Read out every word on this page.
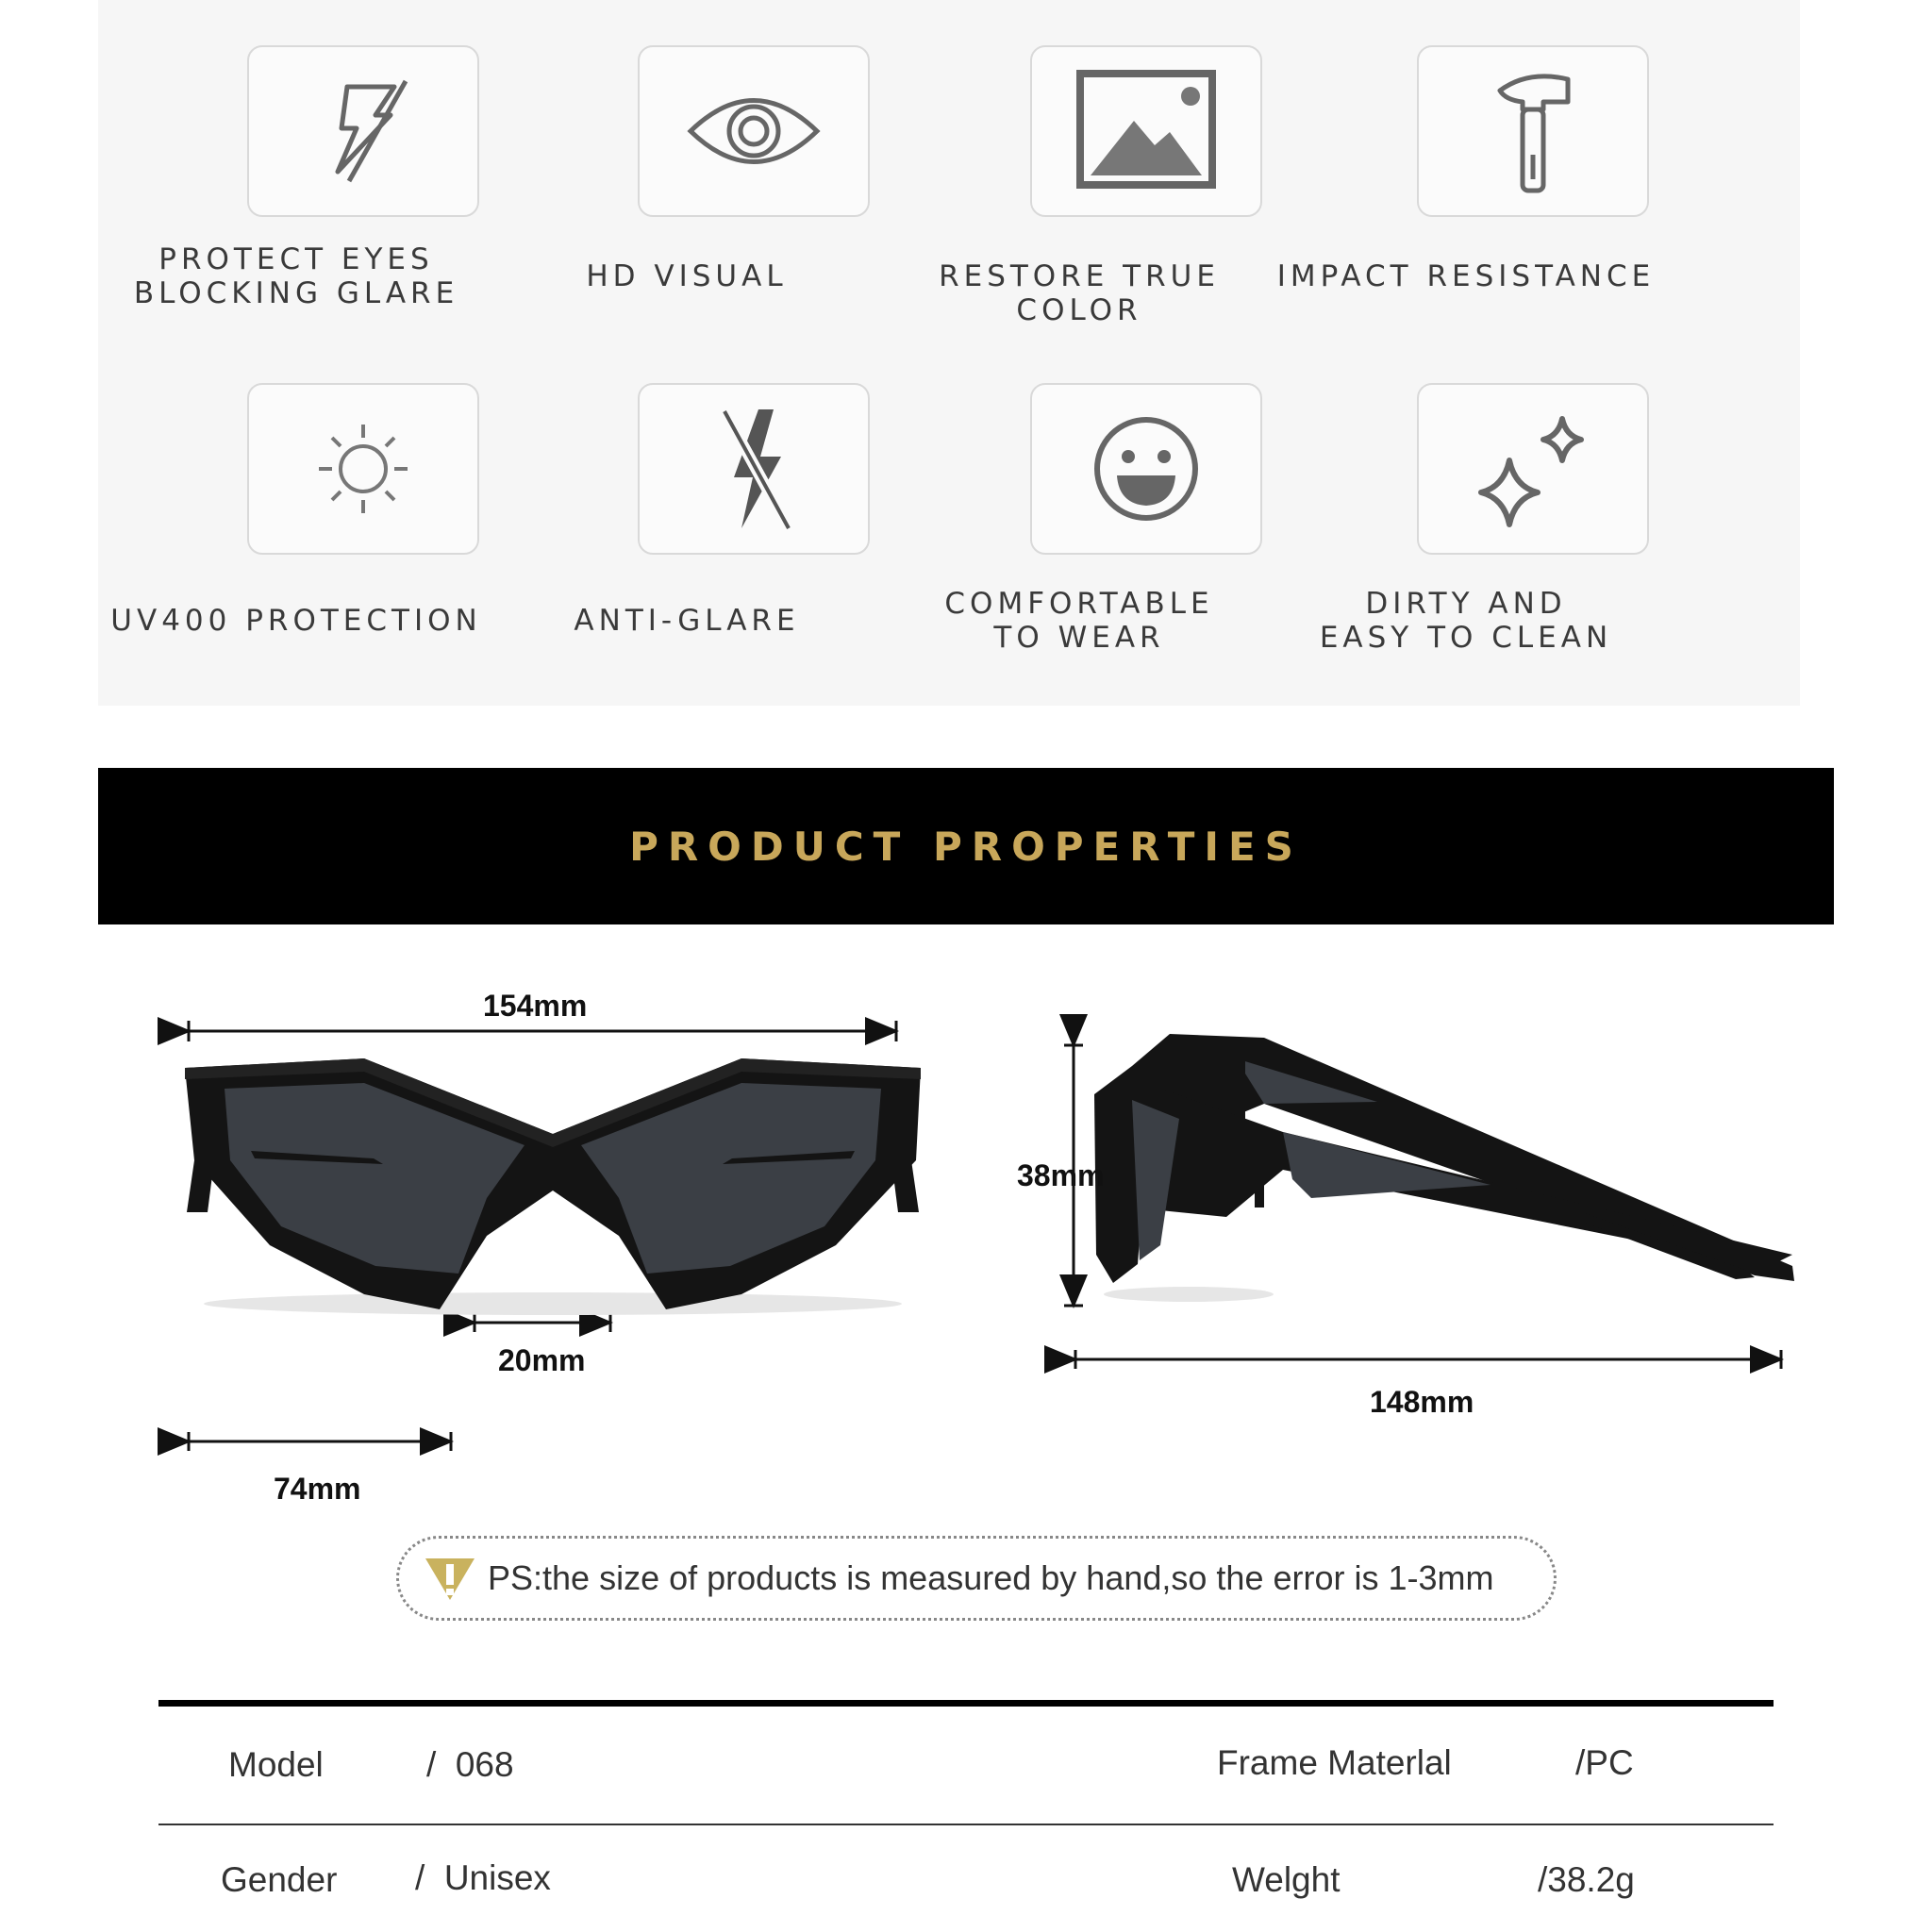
PROTECT EYES
BLOCKING GLARE	HD VISUAL	RESTORE TRUE COLOR
IMPACT RESISTANCE
UV400 PROTECTION	ANTI-GLARE	COMFORTABLE
TO WEAR
DIRTY AND
EASY TO CLEAN
PRODUCT PROPERTIES
154mm
20mm
74mm
38mm
148mm
PS:the size of products is measured by hand,so the error is 1-3mm
Model	/  068	Frame Materlal	/PC
Gender /  Unisex	Welght	/38.2g
